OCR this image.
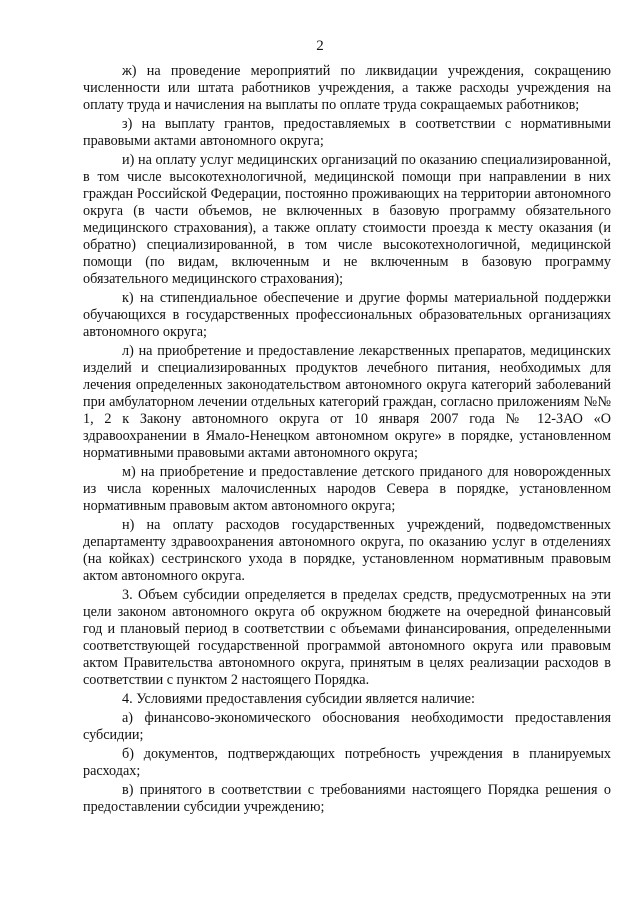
2

ж) на проведение мероприятий по ликвидации учреждения, сокращению численности или штата работников учреждения, а также расходы учреждения на оплату труда и начисления на выплаты по оплате труда сокращаемых работников;

з) на выплату грантов, предоставляемых в соответствии с нормативными правовыми актами автономного округа;

и) на оплату услуг медицинских организаций по оказанию специализированной, в том числе высокотехнологичной, медицинской помощи при направлении в них граждан Российской Федерации, постоянно проживающих на территории автономного округа (в части объемов, не включенных в базовую программу обязательного медицинского страхования), а также оплату стоимости проезда к месту оказания (и обратно) специализированной, в том числе высокотехнологичной, медицинской помощи (по видам, включенным и не включенным в базовую программу обязательного медицинского страхования);

к) на стипендиальное обеспечение и другие формы материальной поддержки обучающихся в государственных профессиональных образовательных организациях автономного округа;

л) на приобретение и предоставление лекарственных препаратов, медицинских изделий и специализированных продуктов лечебного питания, необходимых для лечения определенных законодательством автономного округа категорий заболеваний при амбулаторном лечении отдельных категорий граждан, согласно приложениям №№ 1, 2 к Закону автономного округа от 10 января 2007 года № 12-ЗАО «О здравоохранении в Ямало-Ненецком автономном округе» в порядке, установленном нормативными правовыми актами автономного округа;

м) на приобретение и предоставление детского приданого для новорожденных из числа коренных малочисленных народов Севера в порядке, установленном нормативным правовым актом автономного округа;

н) на оплату расходов государственных учреждений, подведомственных департаменту здравоохранения автономного округа, по оказанию услуг в отделениях (на койках) сестринского ухода в порядке, установленном нормативным правовым актом автономного округа.

3. Объем субсидии определяется в пределах средств, предусмотренных на эти цели законом автономного округа об окружном бюджете на очередной финансовый год и плановый период в соответствии с объемами финансирования, определенными соответствующей государственной программой автономного округа или правовым актом Правительства автономного округа, принятым в целях реализации расходов в соответствии с пунктом 2 настоящего Порядка.

4. Условиями предоставления субсидии является наличие:

а) финансово-экономического обоснования необходимости предоставления субсидии;

б) документов, подтверждающих потребность учреждения в планируемых расходах;

в) принятого в соответствии с требованиями настоящего Порядка решения о предоставлении субсидии учреждению;
